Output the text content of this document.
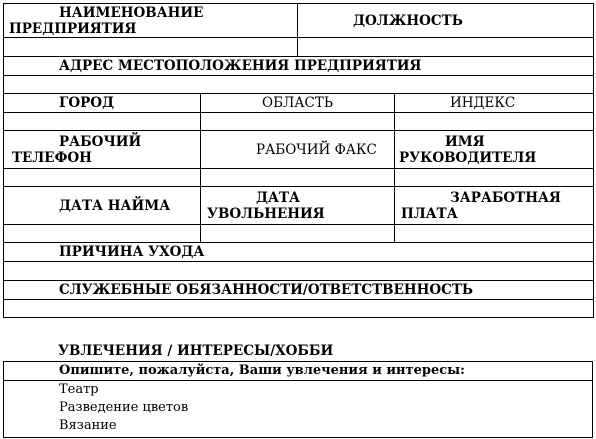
НАИМЕНОВАНИЕ
ПРЕДПРИЯТИЯ		ДОЛЖНОСТЬ	

АДРЕС МЕСТОПОЛОЖЕНИЯ ПРЕДПРИЯТИЯ			

ГОРОД	ОБЛАСТЬ		ИНДЕКС

РАБОЧИЙ
ТЕЛЕФОН	РАБОЧИЙ ФАКС		ИМЯ
РУКОВОДИТЕЛЯ

ДАТА НАЙМА	ДАТА
УВОЛЬНЕНИЯ		ЗАРАБОТНАЯ
ПЛАТА

ПРИЧИНА УХОДА			

СЛУЖЕБНЫЕ ОБЯЗАННОСТИ/ОТВЕТСТВЕННОСТЬ			

УВЛЕЧЕНИЯ / ИНТЕРЕСЫ/ХОББИ
Опишите, пожалуйста, Ваши увлечения и интересы:
Театр
Разведение цветов
Вязание
